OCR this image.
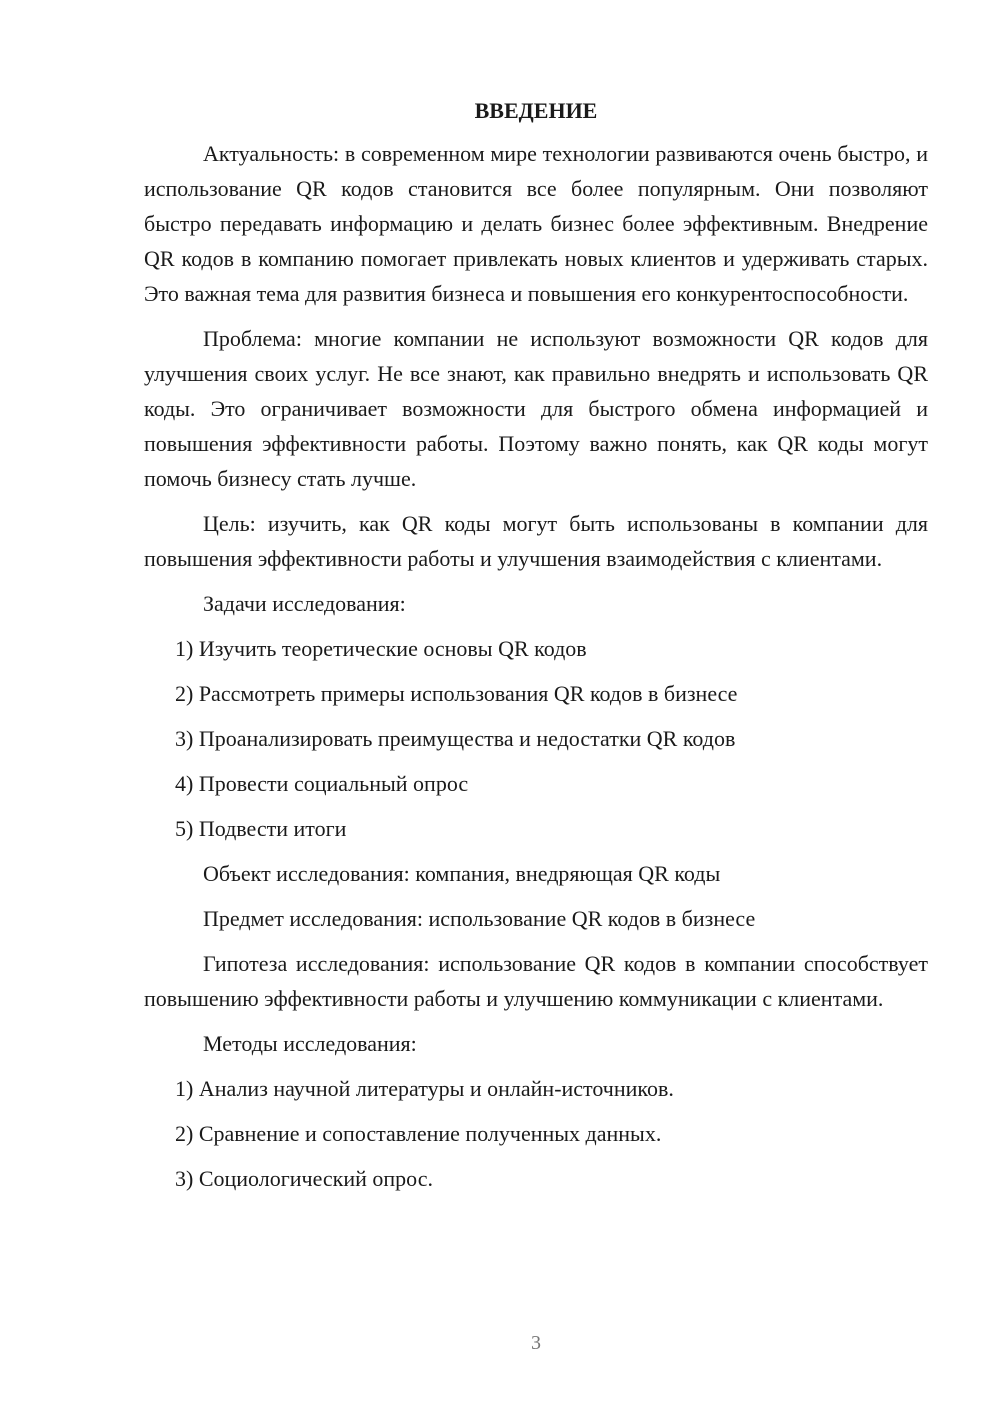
ВВЕДЕНИЕ

Актуальность: в современном мире технологии развиваются очень быстро, и использование QR кодов становится все более популярным. Они позволяют быстро передавать информацию и делать бизнес более эффективным. Внедрение QR кодов в компанию помогает привлекать новых клиентов и удерживать старых. Это важная тема для развития бизнеса и повышения его конкурентоспособности.

Проблема: многие компании не используют возможности QR кодов для улучшения своих услуг. Не все знают, как правильно внедрять и использовать QR коды. Это ограничивает возможности для быстрого обмена информацией и повышения эффективности работы. Поэтому важно понять, как QR коды могут помочь бизнесу стать лучше.

Цель: изучить, как QR коды могут быть использованы в компании для повышения эффективности работы и улучшения взаимодействия с клиентами.

Задачи исследования:
1) Изучить теоретические основы QR кодов
2) Рассмотреть примеры использования QR кодов в бизнесе
3) Проанализировать преимущества и недостатки QR кодов
4) Провести социальный опрос
5) Подвести итоги
Объект исследования: компания, внедряющая QR коды
Предмет исследования: использование QR кодов в бизнесе

Гипотеза исследования: использование QR кодов в компании способствует повышению эффективности работы и улучшению коммуникации с клиентами.

Методы исследования:
1) Анализ научной литературы и онлайн-источников.
2) Сравнение и сопоставление полученных данных.
3) Социологический опрос.
3
